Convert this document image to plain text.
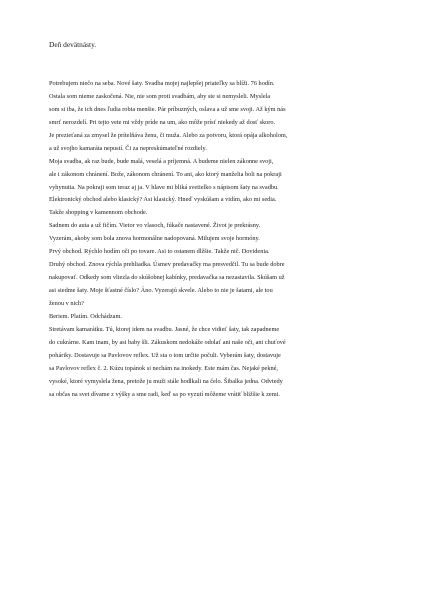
Deň devätnásty.
Potrebujem niečo na seba. Nové šaty. Svadba mojej najlepšej priateľky sa blíži. 76 hodín.
Ostala som nieme zaskočená. Nie, nie som proti svadbám, aby ste si nemysleli. Myslela
som si iba, že ich dnes ľudia robia menšie. Pár príbuzných, oslava a už sme svoji. Až kým nás
smrť nerozdelí. Pri tejto vete mi vždy príde na um, ako môže prísť niekedy až dosť skoro.
Je prezieťaná za zmysel že prítelňáva ženu, či muža. Alebo za potvoru, ktorá opája alkoholom,
a už svojho kamaráta nepustí. Či za nepreskúmateľné rozdiely.
Moja svadba, ak raz bude, bude malá, veselá a príjemná. A budeme nielen zákonne svoji,
ale i zákonom chránení. Bože, zákonom chránení. To ani, ako ktorý manželia boli na pokraji
vyhynutia. Na pokraji som teraz aj ja. V hlave mi bliká svetielko s nápisom šaty na svadbu.
Elektronický obchod alebo klasický? Asi klasický. Hneď vyskúšam a vidím, ako mi sedia.
Takže shopping v kamennom obchode.
Sadnem do auta a už fičím. Vietor vo vlasoch, fúkače nastavené. Život je prekrásny.
Vyzerám, akoby som bola znova hormonálne nadopovaná. Milujem svoje hormóny.
Prvý obchod. Rýchlo hodím oči po tovare. Asi to ostanem dlžšie. Takže nič. Dovidenia.
Druhý obchod. Znova rýchla prehliadka. Úsmev predavačky ma presvedčil. Tu sa bude dobre
nakupovať. Odkedy som vliezla do skúšobnej kabínky, predavačka sa nezastavila. Skúšam už
asi siedme šaty. Moje šťastné číslo? Áno. Vyzerajú skvele. Alebo to nie je šatami, ale tou
ženou v nich?
Beriem. Platím. Odchádzam.
Stretávam kamarátku. Tú, ktorej idem na svadbu. Jasné, že chce vidieť šaty, tak zapadneme
do cukrárne. Kam inam, by asi baby šli. Zákuskom nedokáže odolať ani naše oči, ani chuťové
poháriky. Dostavuje sa Pavlovov reflex. Už sta o tom určite počuli. Vyberám šaty, dostavuje
sa Pavlovov reflex č. 2. Kúzu topánok si nechám na inokedy. Este mám čas. Nejaké pekné,
vysoké, ktoré vymyslela žena, pretože ju muži stále hodlkali na čelo. Šibalka jedna. Odvtedy
sa občas na svet dívame z výšky a sme radi, keď sa po vyzutí môžeme vrátiť bližšie k zemi.
